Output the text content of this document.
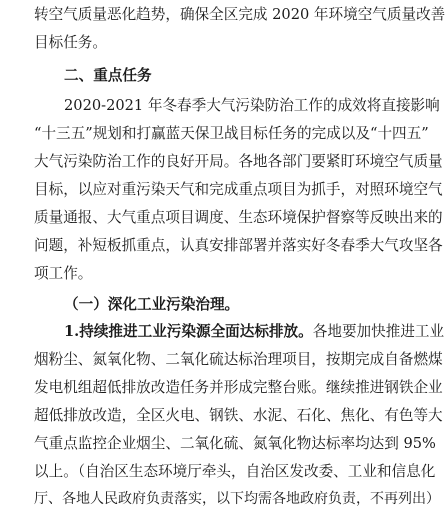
转空气质量恶化趋势，确保全区完成 2020 年环境空气质量改善
目标任务。
二、重点任务
2020-2021 年冬春季大气污染防治工作的成效将直接影响
“十三五”规划和打赢蓝天保卫战目标任务的完成以及“十四五”
大气污染防治工作的良好开局。各地各部门要紧盯环境空气质量
目标，以应对重污染天气和完成重点项目为抓手，对照环境空气
质量通报、大气重点项目调度、生态环境保护督察等反映出来的
问题，补短板抓重点，认真安排部署并落实好冬春季大气攻坚各
项工作。
（一）深化工业污染治理。
1.持续推进工业污染源全面达标排放。各地要加快推进工业
烟粉尘、氮氧化物、二氧化硫达标治理项目，按期完成自备燃煤
发电机组超低排放改造任务并形成完整台账。继续推进钢铁企业
超低排放改造，全区火电、钢铁、水泥、石化、焦化、有色等大
气重点监控企业烟尘、二氧化硫、氮氧化物达标率均达到 95%
以上。（自治区生态环境厅牵头，自治区发改委、工业和信息化
厅、各地人民政府负责落实，以下均需各地政府负责，不再列出）
